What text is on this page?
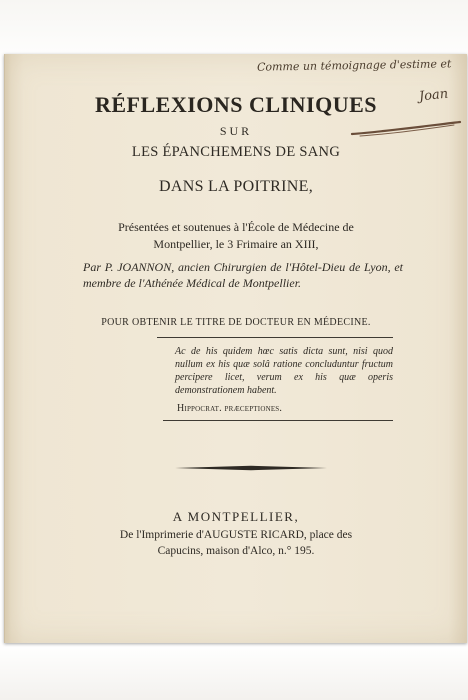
Comme un témoignage d'estime et
Joan
RÉFLEXIONS CLINIQUES
SUR
LES ÉPANCHEMENS DE SANG
DANS LA POITRINE,
Présentées et soutenues à l'École de Médecine de
Montpellier, le 3 Frimaire an XIII,
Par P. JOANNON, ancien Chirurgien de l'Hôtel-Dieu de Lyon, et membre de l'Athénée Médical de Montpellier.
POUR OBTENIR LE TITRE DE DOCTEUR EN MÉDECINE.
Ac de his quidem hœc satis dicta sunt, nisi quod nullum ex his quæ solâ ratione concluduntur fructum percipere licet, verum ex his quæ operis demonstrationem habent.
Hippocrat. præceptiones.
A MONTPELLIER,
De l'Imprimerie d'AUGUSTE RICARD, place des
Capucins, maison d'Alco, n.° 195.
